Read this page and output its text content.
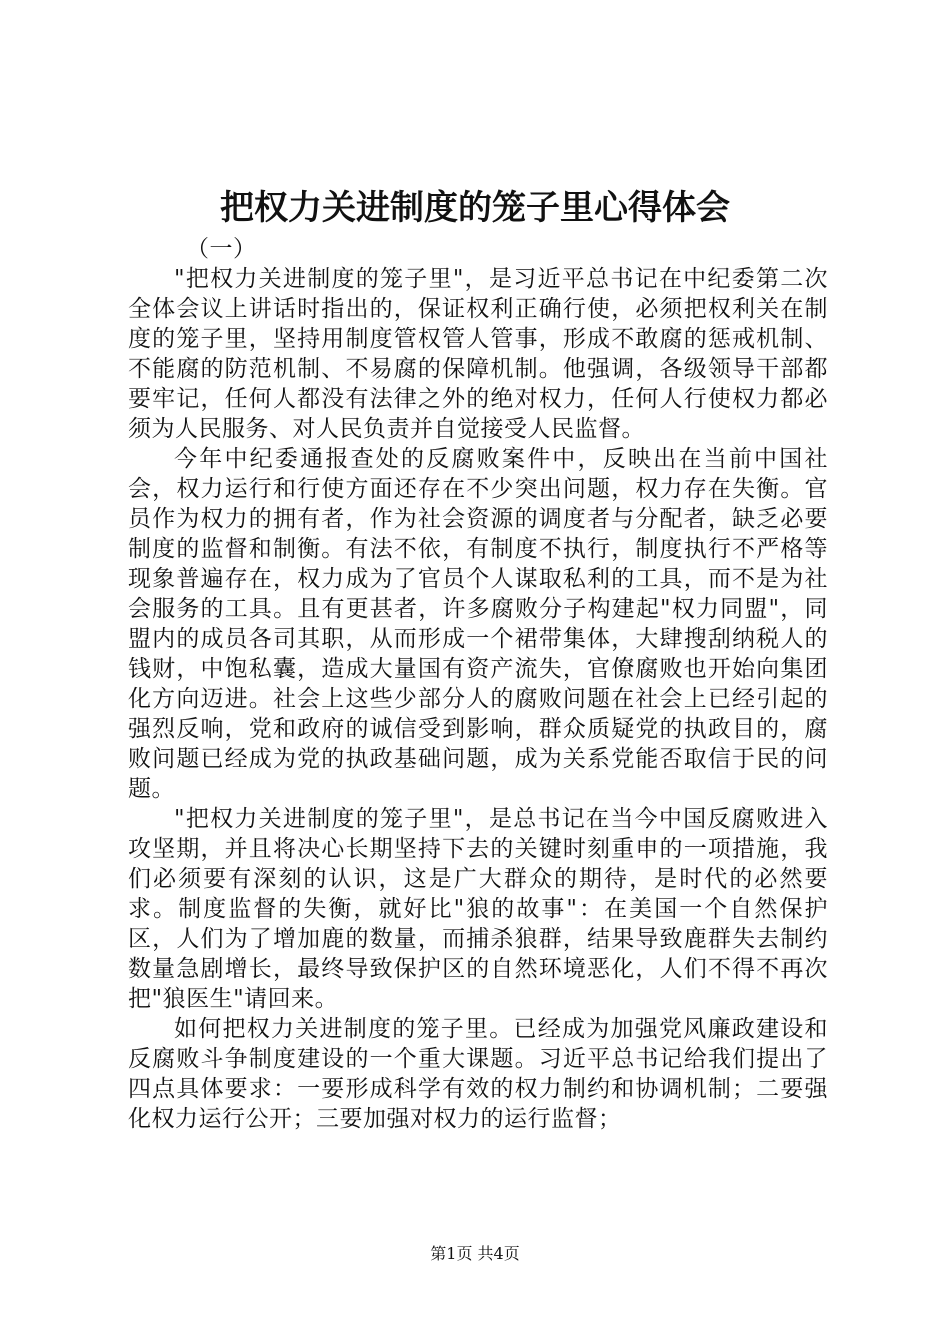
把权力关进制度的笼子里心得体会

（一）

"把权力关进制度的笼子里"，是习近平总书记在中纪委第二次全体会议上讲话时指出的，保证权利正确行使，必须把权利关在制度的笼子里，坚持用制度管权管人管事，形成不敢腐的惩戒机制、不能腐的防范机制、不易腐的保障机制。他强调，各级领导干部都要牢记，任何人都没有法律之外的绝对权力，任何人行使权力都必须为人民服务、对人民负责并自觉接受人民监督。

今年中纪委通报查处的反腐败案件中，反映出在当前中国社会，权力运行和行使方面还存在不少突出问题，权力存在失衡。官员作为权力的拥有者，作为社会资源的调度者与分配者，缺乏必要制度的监督和制衡。有法不依，有制度不执行，制度执行不严格等现象普遍存在，权力成为了官员个人谋取私利的工具，而不是为社会服务的工具。且有更甚者，许多腐败分子构建起"权力同盟"，同盟内的成员各司其职，从而形成一个裙带集体，大肆搜刮纳税人的钱财，中饱私囊，造成大量国有资产流失，官僚腐败也开始向集团化方向迈进。社会上这些少部分人的腐败问题在社会上已经引起的强烈反响，党和政府的诚信受到影响，群众质疑党的执政目的，腐败问题已经成为党的执政基础问题，成为关系党能否取信于民的问题。

"把权力关进制度的笼子里"，是总书记在当今中国反腐败进入攻坚期，并且将决心长期坚持下去的关键时刻重申的一项措施，我们必须要有深刻的认识，这是广大群众的期待，是时代的必然要求。制度监督的失衡，就好比"狼的故事"：在美国一个自然保护区，人们为了增加鹿的数量，而捕杀狼群，结果导致鹿群失去制约数量急剧增长，最终导致保护区的自然环境恶化，人们不得不再次把"狼医生"请回来。

如何把权力关进制度的笼子里。已经成为加强党风廉政建设和反腐败斗争制度建设的一个重大课题。习近平总书记给我们提出了四点具体要求：一要形成科学有效的权力制约和协调机制；二要强化权力运行公开；三要加强对权力的运行监督；

第1页 共4页
